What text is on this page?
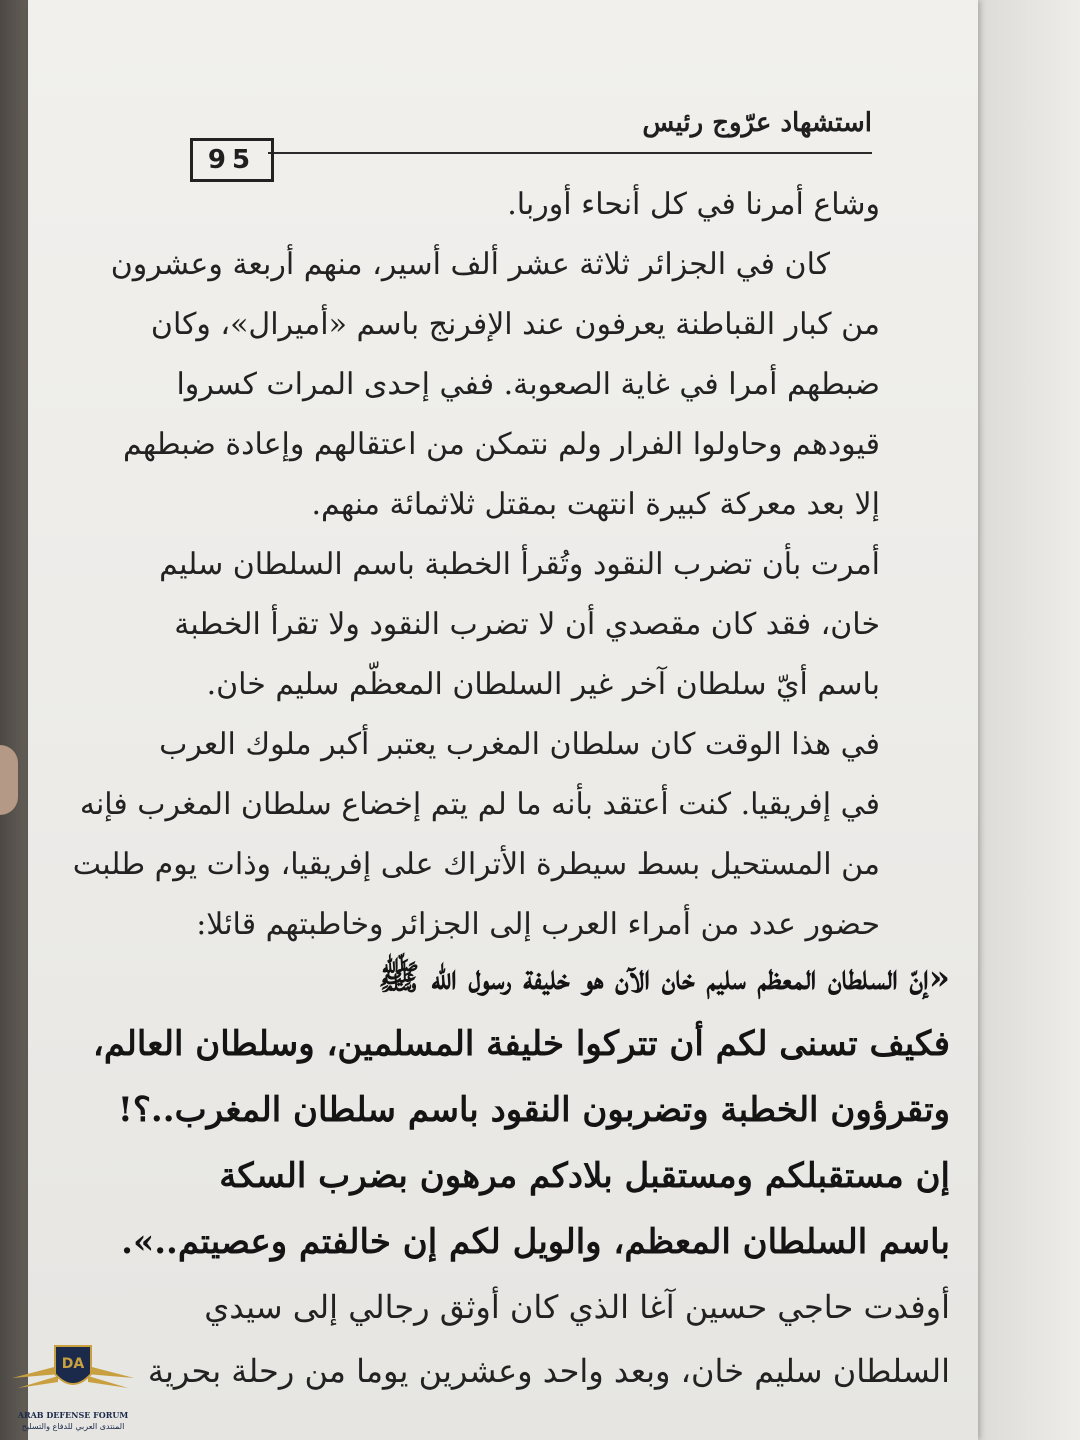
استشهاد عرّوج رئيس
95
وشاع أمرنا في كل أنحاء أوربا.
كان في الجزائر ثلاثة عشر ألف أسير، منهم أربعة وعشرون
من كبار القباطنة يعرفون عند الإفرنج باسم «أميرال»، وكان
ضبطهم أمرا في غاية الصعوبة. ففي إحدى المرات كسروا
قيودهم وحاولوا الفرار ولم نتمكن من اعتقالهم وإعادة ضبطهم
إلا بعد معركة كبيرة انتهت بمقتل ثلاثمائة منهم.
أمرت بأن تضرب النقود وتُقرأ الخطبة باسم السلطان سليم
خان، فقد كان مقصدي أن لا تضرب النقود ولا تقرأ الخطبة
باسم أيّ سلطان آخر غير السلطان المعظّم سليم خان.
في هذا الوقت كان سلطان المغرب يعتبر أكبر ملوك العرب
في إفريقيا. كنت أعتقد بأنه ما لم يتم إخضاع سلطان المغرب فإنه
من المستحيل بسط سيطرة الأتراك على إفريقيا، وذات يوم طلبت
حضور عدد من أمراء العرب إلى الجزائر وخاطبتهم قائلا:
«إنّ السلطان المعظم سليم خان الآن هو خليفة رسول الله ﷺ
فكيف تسنى لكم أن تتركوا خليفة المسلمين، وسلطان العالم،
وتقرؤون الخطبة وتضربون النقود باسم سلطان المغرب..؟!
إن مستقبلكم ومستقبل بلادكم مرهون بضرب السكة
باسم السلطان المعظم، والويل لكم إن خالفتم وعصيتم..».
أوفدت حاجي حسين آغا الذي كان أوثق رجالي إلى سيدي
السلطان سليم خان، وبعد واحد وعشرين يوما من رحلة بحرية
DA
ARAB DEFENSE FORUM
المنتدى العربي للدفاع والتسليح
